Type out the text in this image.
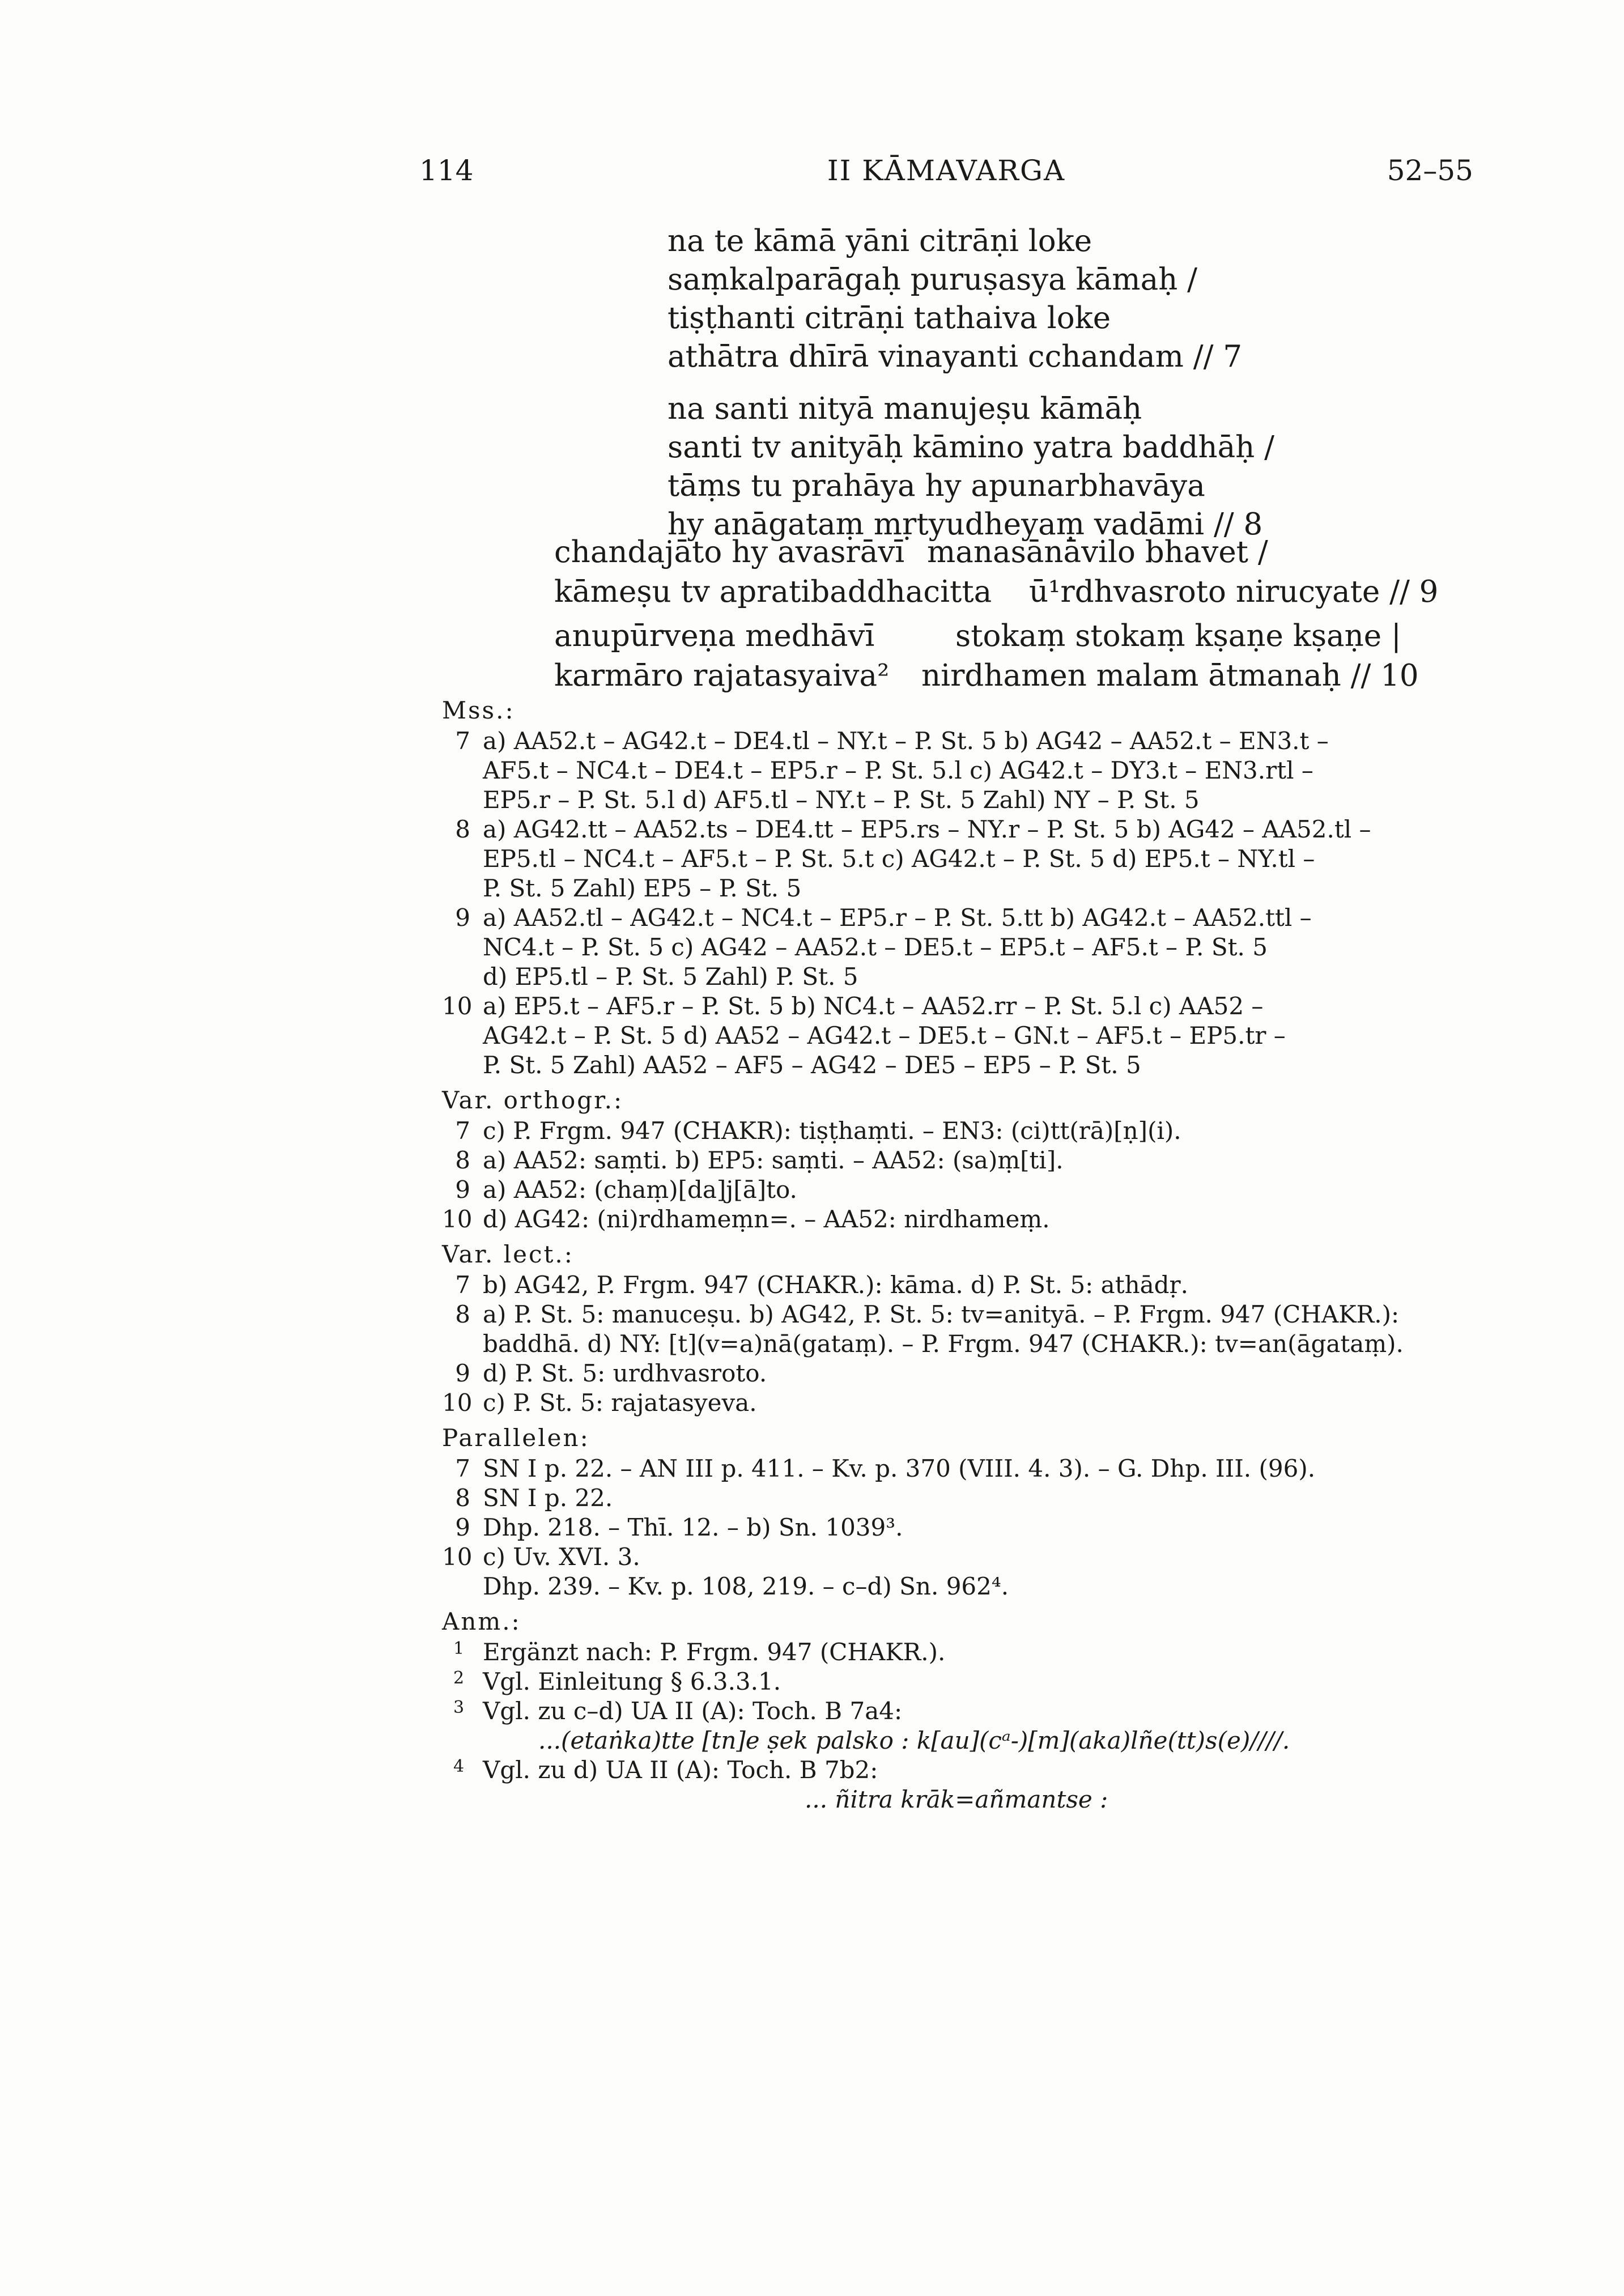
114	II KĀMAVARGA	52–55
na te kāmā yāni citrāṇi loke
saṃkalparāgaḥ puruṣasya kāmaḥ /
tiṣṭhanti citrāṇi tathaiva loke
athātra dhīrā vinayanti cchandam // 7
na santi nityā manujeṣu kāmāḥ
santi tv anityāḥ kāmino yatra baddhāḥ /
tāṃs tu prahāya hy apunarbhavāya
hy anāgataṃ mṛtyudheyaṃ vadāmi // 8
chandajāto hy avasrāvī manasānāvilo bhavet /
kāmeṣu tv apratibaddhacitta ū¹rdhvasroto nirucyate // 9
anupūrveṇa medhāvī	stokaṃ stokaṃ kṣaṇe kṣaṇe |
karmāro rajatasyaiva² nirdhamen malam ātmanaḥ // 10
Mss.:
7 a) AA52.t – AG42.t – DE4.tl – NY.t – P. St. 5 b) AG42 – AA52.t – EN3.t –
AF5.t – NC4.t – DE4.t – EP5.r – P. St. 5.l c) AG42.t – DY3.t – EN3.rtl –
EP5.r – P. St. 5.l d) AF5.tl – NY.t – P. St. 5 Zahl) NY – P. St. 5
8 a) AG42.tt – AA52.ts – DE4.tt – EP5.rs – NY.r – P. St. 5 b) AG42 – AA52.tl –
EP5.tl – NC4.t – AF5.t – P. St. 5.t c) AG42.t – P. St. 5 d) EP5.t – NY.tl –
P. St. 5 Zahl) EP5 – P. St. 5
9 a) AA52.tl – AG42.t – NC4.t – EP5.r – P. St. 5.tt b) AG42.t – AA52.ttl –
NC4.t – P. St. 5 c) AG42 – AA52.t – DE5.t – EP5.t – AF5.t – P. St. 5
d) EP5.tl – P. St. 5 Zahl) P. St. 5
10 a) EP5.t – AF5.r – P. St. 5 b) NC4.t – AA52.rr – P. St. 5.l c) AA52 –
AG42.t – P. St. 5 d) AA52 – AG42.t – DE5.t – GN.t – AF5.t – EP5.tr –
P. St. 5 Zahl) AA52 – AF5 – AG42 – DE5 – EP5 – P. St. 5
Var. orthogr.:
7 c) P. Frgm. 947 (CHAKR): tiṣṭhaṃti. – EN3: (ci)tt(rā)[ṇ](i).
8 a) AA52: saṃti. b) EP5: saṃti. – AA52: (sa)ṃ[ti].
9 a) AA52: (chaṃ)[da]j[ā]to.
10 d) AG42: (ni)rdhameṃn=. – AA52: nirdhameṃ.
Var. lect.:
7 b) AG42, P. Frgm. 947 (CHAKR.): kāma. d) P. St. 5: athādṛ.
8 a) P. St. 5: manuceṣu. b) AG42, P. St. 5: tv=anityā. – P. Frgm. 947 (CHAKR.):
baddhā. d) NY: [t](v=a)nā(gataṃ). – P. Frgm. 947 (CHAKR.): tv=an(āgataṃ).
9 d) P. St. 5: urdhvasroto.
10 c) P. St. 5: rajatasyeva.
Parallelen:
7 SN I p. 22. – AN III p. 411. – Kv. p. 370 (VIII. 4. 3). – G. Dhp. III. (96).
8 SN I p. 22.
9 Dhp. 218. – Thī. 12. – b) Sn. 1039³.
10 c) Uv. XVI. 3.
Dhp. 239. – Kv. p. 108, 219. – c–d) Sn. 962⁴.
Anm.:
1 Ergänzt nach: P. Frgm. 947 (CHAKR.).
2 Vgl. Einleitung § 6.3.3.1.
3 Vgl. zu c–d) UA II (A): Toch. B 7a4:
...(etaṅka)tte [tn]e ṣek palsko : k[au](cᵃ-)[m](aka)lñe(tt)s(e)////.
4 Vgl. zu d) UA II (A): Toch. B 7b2:
... ñitra krāk=añmantse :
